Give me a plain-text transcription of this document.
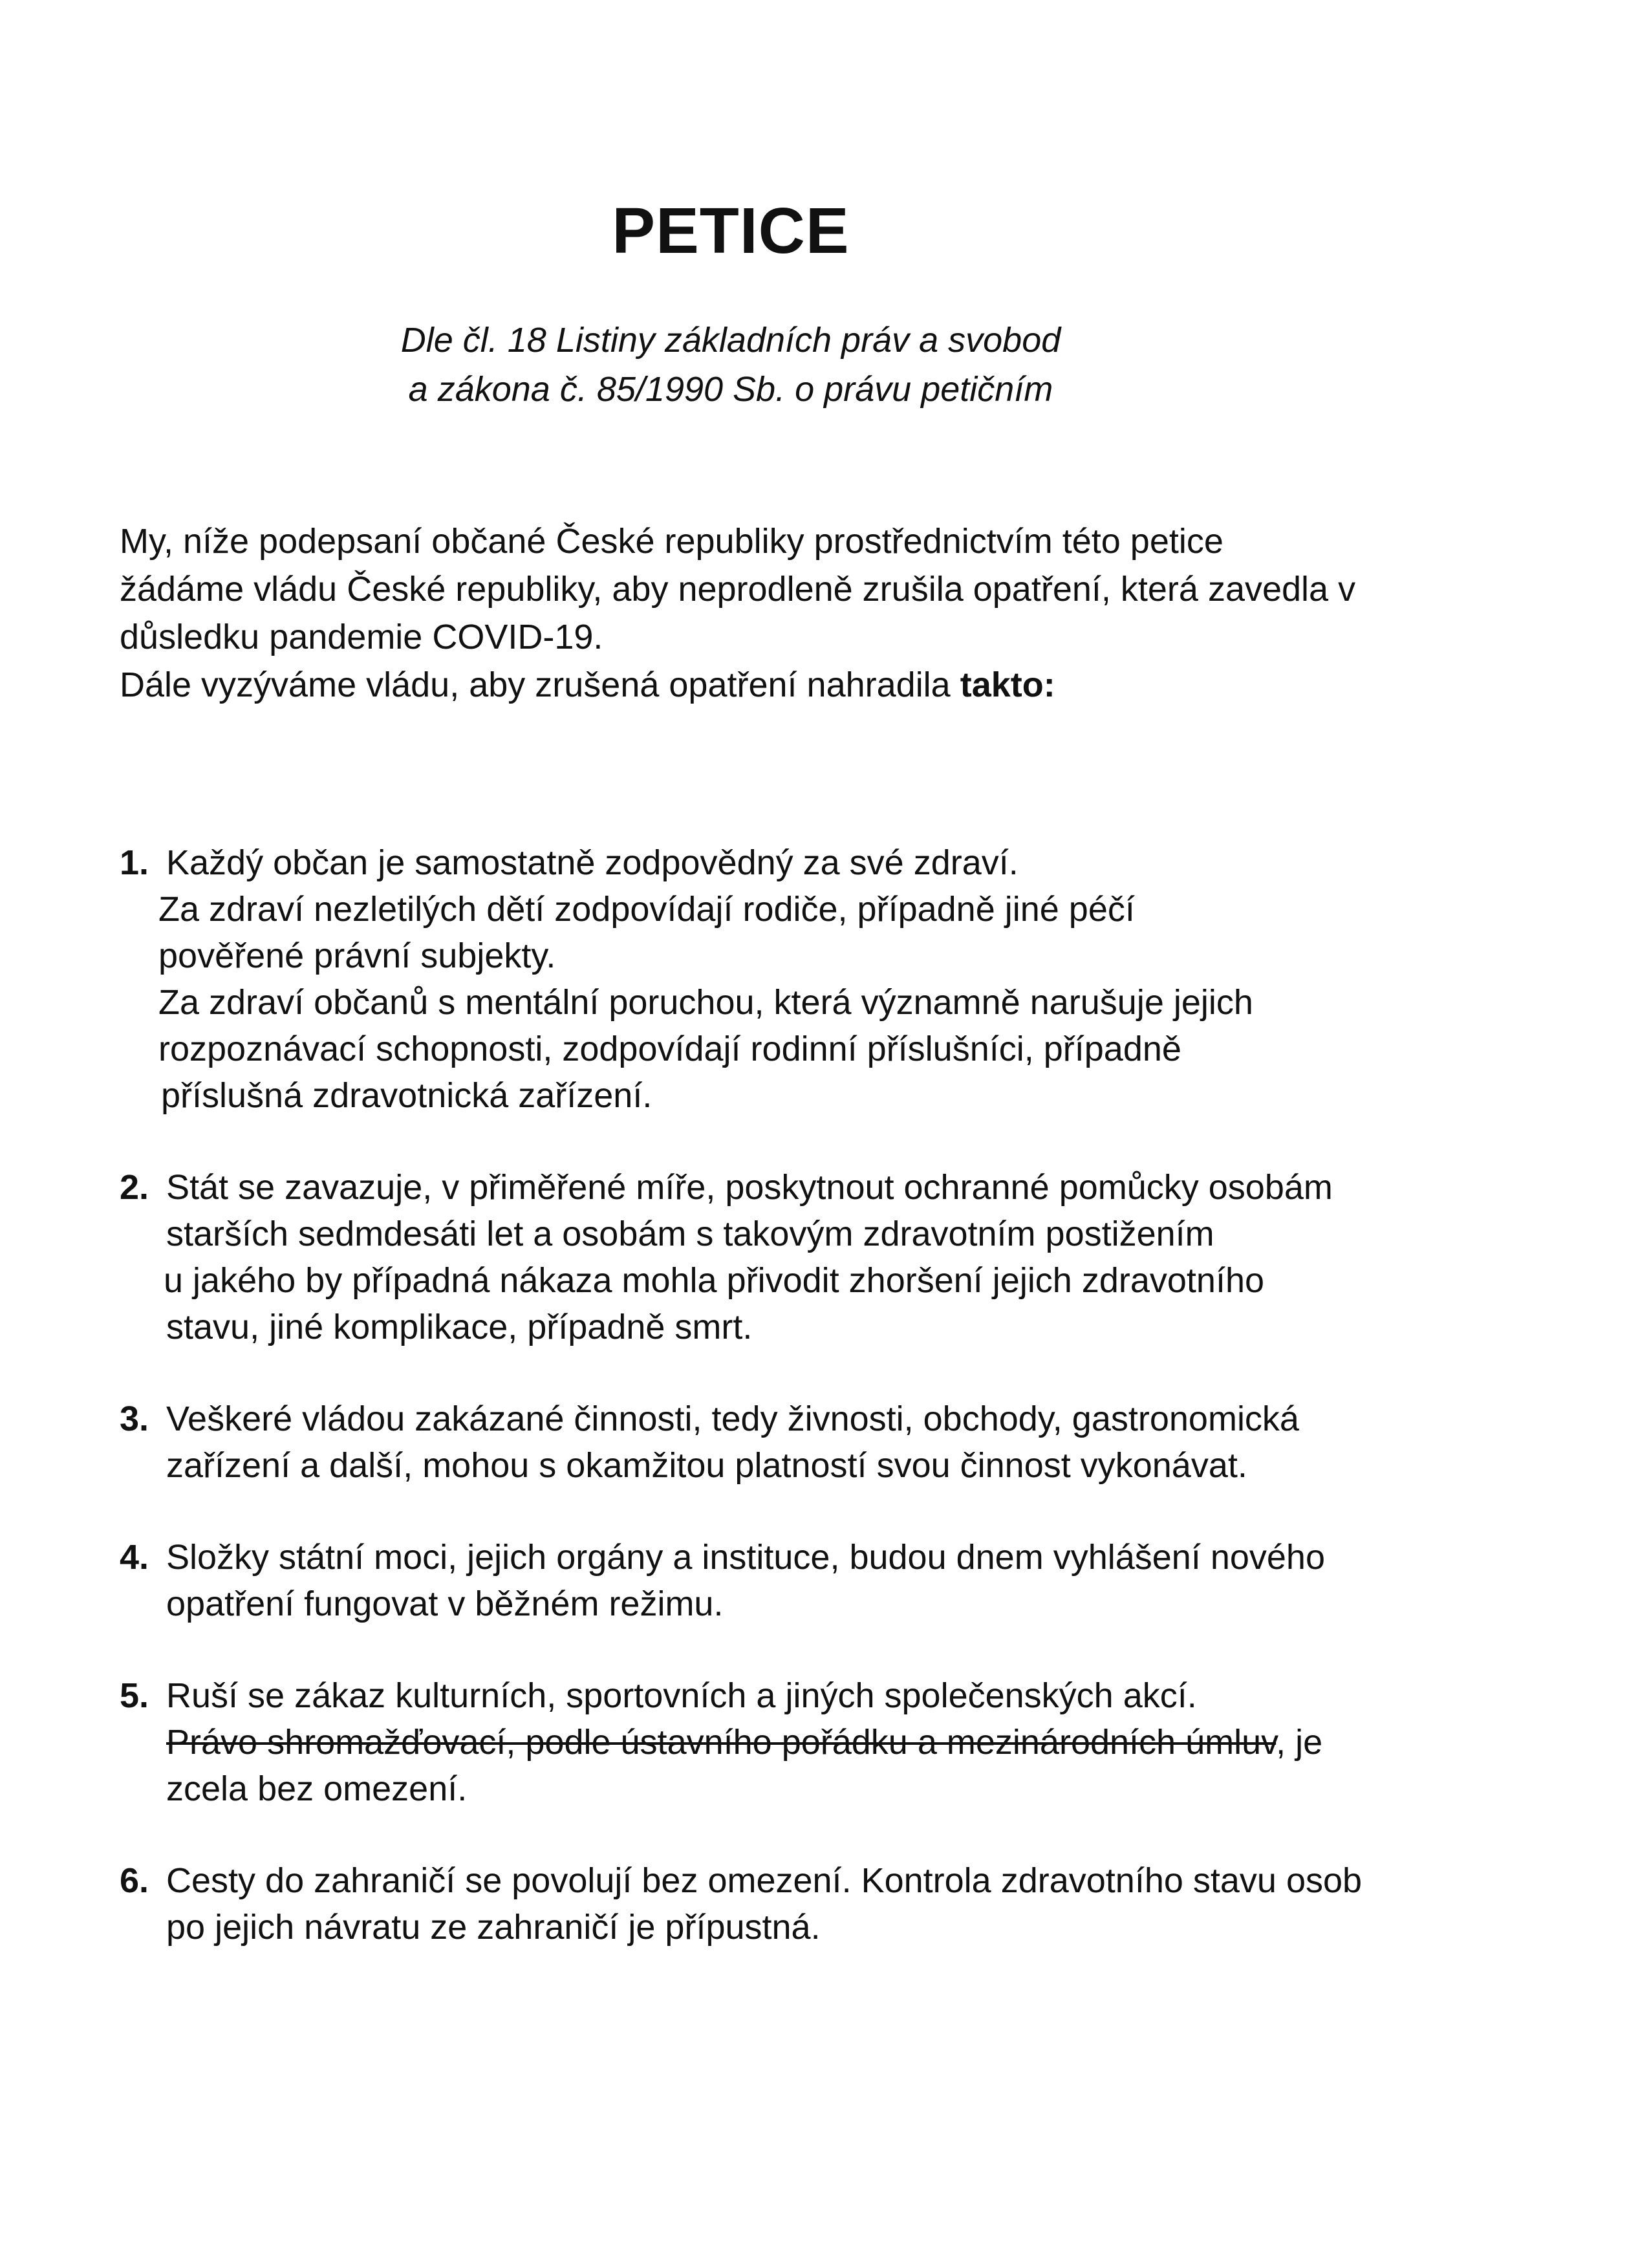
PETICE
Dle čl. 18 Listiny základních práv a svobod
a zákona č. 85/1990 Sb. o právu petičním

My, níže podepsaní občané České republiky prostřednictvím této petice

žádáme vládu České republiky, aby neprodleně zrušila opatření, která zavedla v

důsledku pandemie COVID-19.

Dále vyzýváme vládu, aby zrušená opatření nahradila takto:

1. Každý občan je samostatně zodpovědný za své zdraví.
Za zdraví nezletilých dětí zodpovídají rodiče, případně jiné péčí
pověřené právní subjekty.
Za zdraví občanů s mentální poruchou, která významně narušuje jejich
rozpoznávací schopnosti, zodpovídají rodinní příslušníci, případně
příslušná zdravotnická zařízení.
2. Stát se zavazuje, v přiměřené míře, poskytnout ochranné pomůcky osobám
starších sedmdesáti let a osobám s takovým zdravotním postižením
u jakého by případná nákaza mohla přivodit zhoršení jejich zdravotního
stavu, jiné komplikace, případně smrt.
3. Veškeré vládou zakázané činnosti, tedy živnosti, obchody, gastronomická
zařízení a další, mohou s okamžitou platností svou činnost vykonávat.
4. Složky státní moci, jejich orgány a instituce, budou dnem vyhlášení nového
opatření fungovat v běžném režimu.
5. Ruší se zákaz kulturních, sportovních a jiných společenských akcí.
Právo shromažďovací, podle ústavního pořádku a mezinárodních úmluv, je
zcela bez omezení.
6. Cesty do zahraničí se povolují bez omezení. Kontrola zdravotního stavu osob
po jejich návratu ze zahraničí je přípustná.
